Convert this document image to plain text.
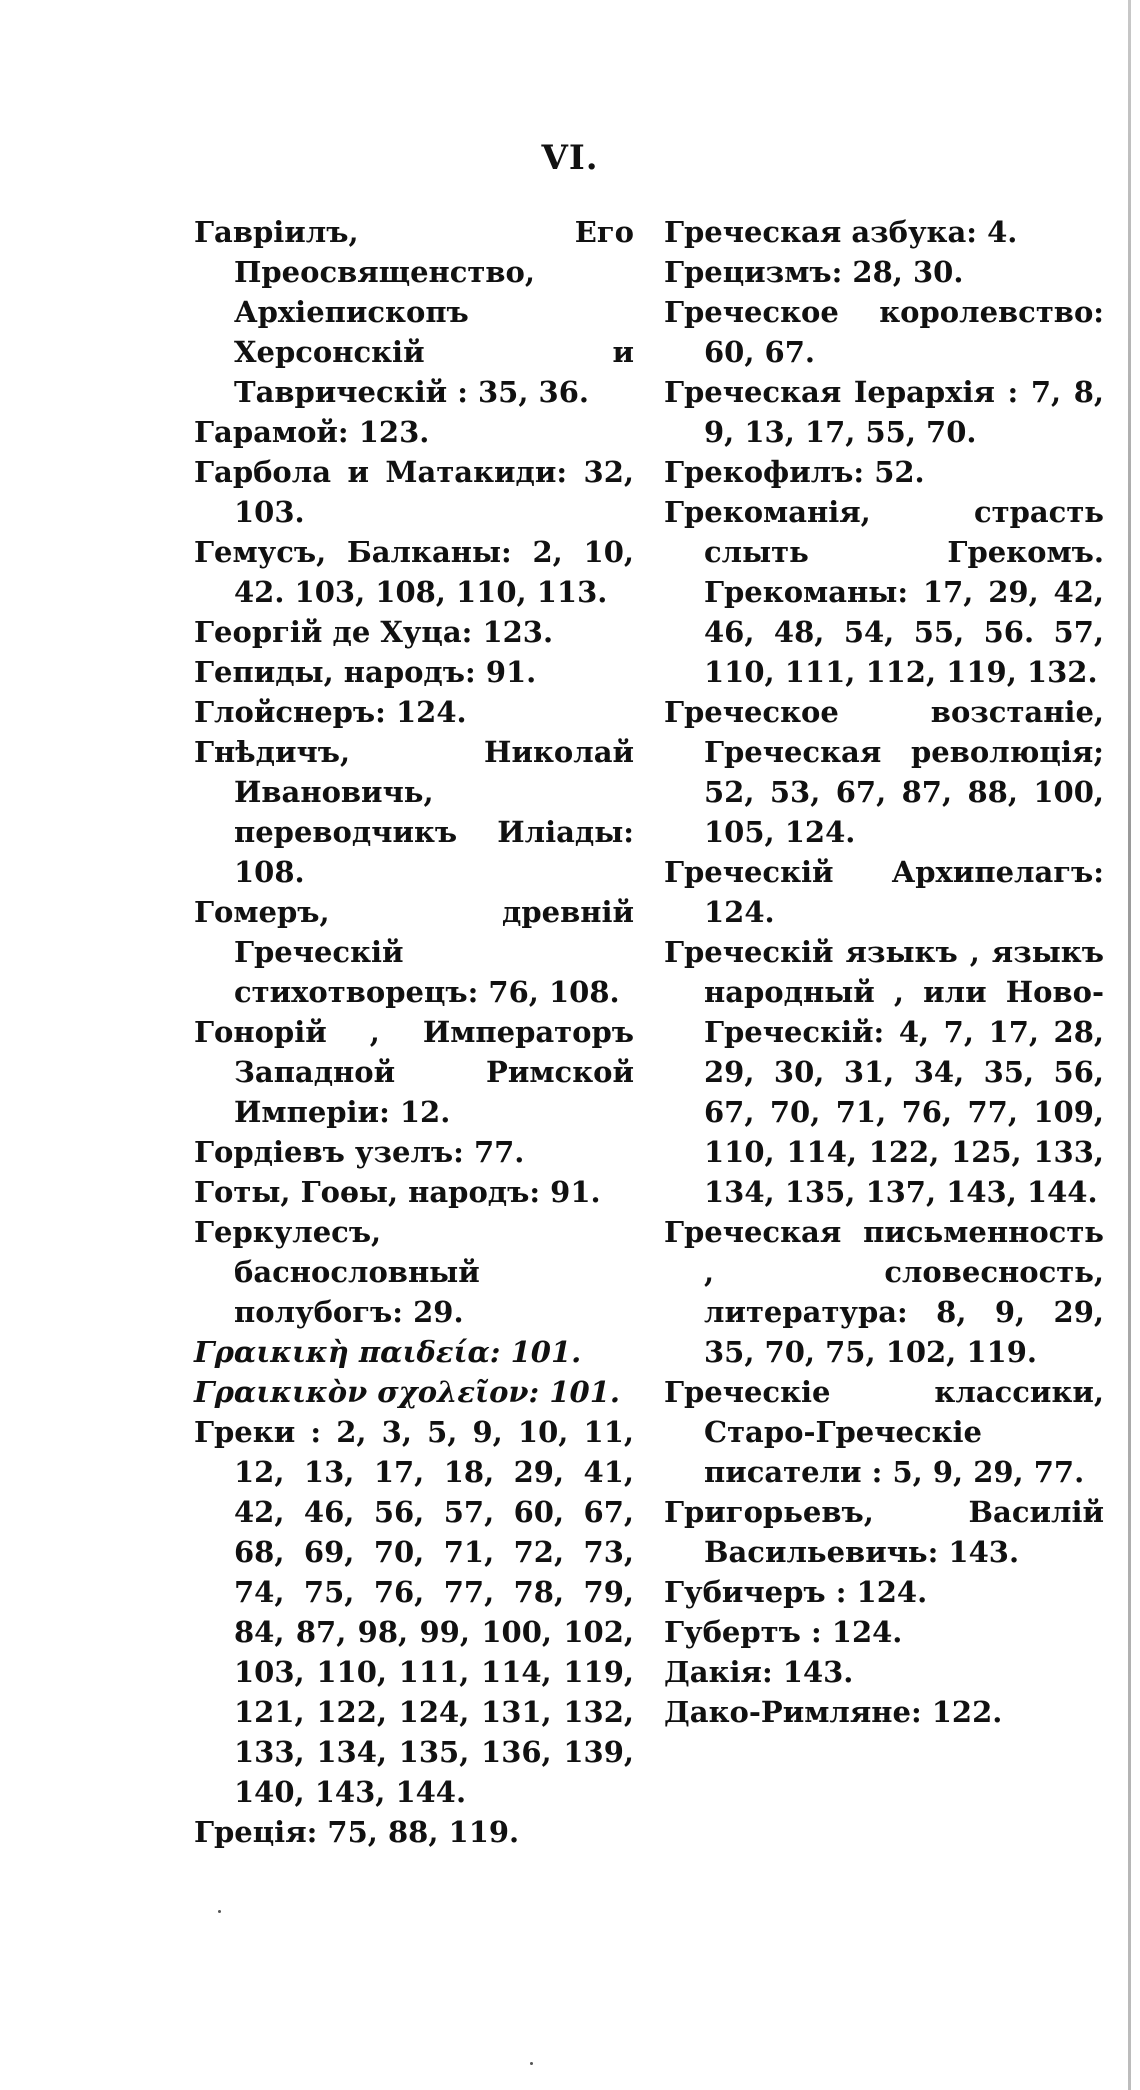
VI.

Гавріилъ, Его Преосвященство, Архіепископъ Херсонскій и Таврическій : 35, 36.

Гарамой: 123.

Гарбола и Матакиди: 32, 103.

Гемусъ, Балканы: 2, 10, 42. 103, 108, 110, 113.

Георгій де Хуца: 123.

Гепиды, народъ: 91.

Глойснеръ: 124.

Гнѣдичъ, Николай Ивановичь, переводчикъ Иліады: 108.

Гомеръ, древній Греческій стихотворецъ: 76, 108.

Гонорій , Императоръ Западной Римской Имперіи: 12.

Гордіевъ узелъ: 77.

Готы, Гоѳы, народъ: 91.

Геркулесъ, баснословный полубогъ: 29.

Γραικικὴ παιδεία: 101.

Γραικικὸν σχολεῖον: 101.

Греки : 2, 3, 5, 9, 10, 11, 12, 13, 17, 18, 29, 41, 42, 46, 56, 57, 60, 67, 68, 69, 70, 71, 72, 73, 74, 75, 76, 77, 78, 79, 84, 87, 98, 99, 100, 102, 103, 110, 111, 114, 119, 121, 122, 124, 131, 132, 133, 134, 135, 136, 139, 140, 143, 144.

Греція: 75, 88, 119.

Греческая азбука: 4.

Грецизмъ: 28, 30.

Греческое королевство: 60, 67.

Греческая Іерархія : 7, 8, 9, 13, 17, 55, 70.

Грекофилъ: 52.

Грекоманія, страсть слыть Грекомъ. Грекоманы: 17, 29, 42, 46, 48, 54, 55, 56. 57, 110, 111, 112, 119, 132.

Греческое возстаніе, Греческая революція; 52, 53, 67, 87, 88, 100, 105, 124.

Греческій Архипелагъ: 124.

Греческій языкъ , языкъ народный , или Ново-Греческій: 4, 7, 17, 28, 29, 30, 31, 34, 35, 56, 67, 70, 71, 76, 77, 109, 110, 114, 122, 125, 133, 134, 135, 137, 143, 144.

Греческая письменность , словесность, литература: 8, 9, 29, 35, 70, 75, 102, 119.

Греческіе классики, Старо-Греческіе писатели : 5, 9, 29, 77.

Григорьевъ, Василій Васильевичь: 143.

Губичеръ : 124.

Губертъ : 124.

Дакія: 143.

Дако-Римляне: 122.
